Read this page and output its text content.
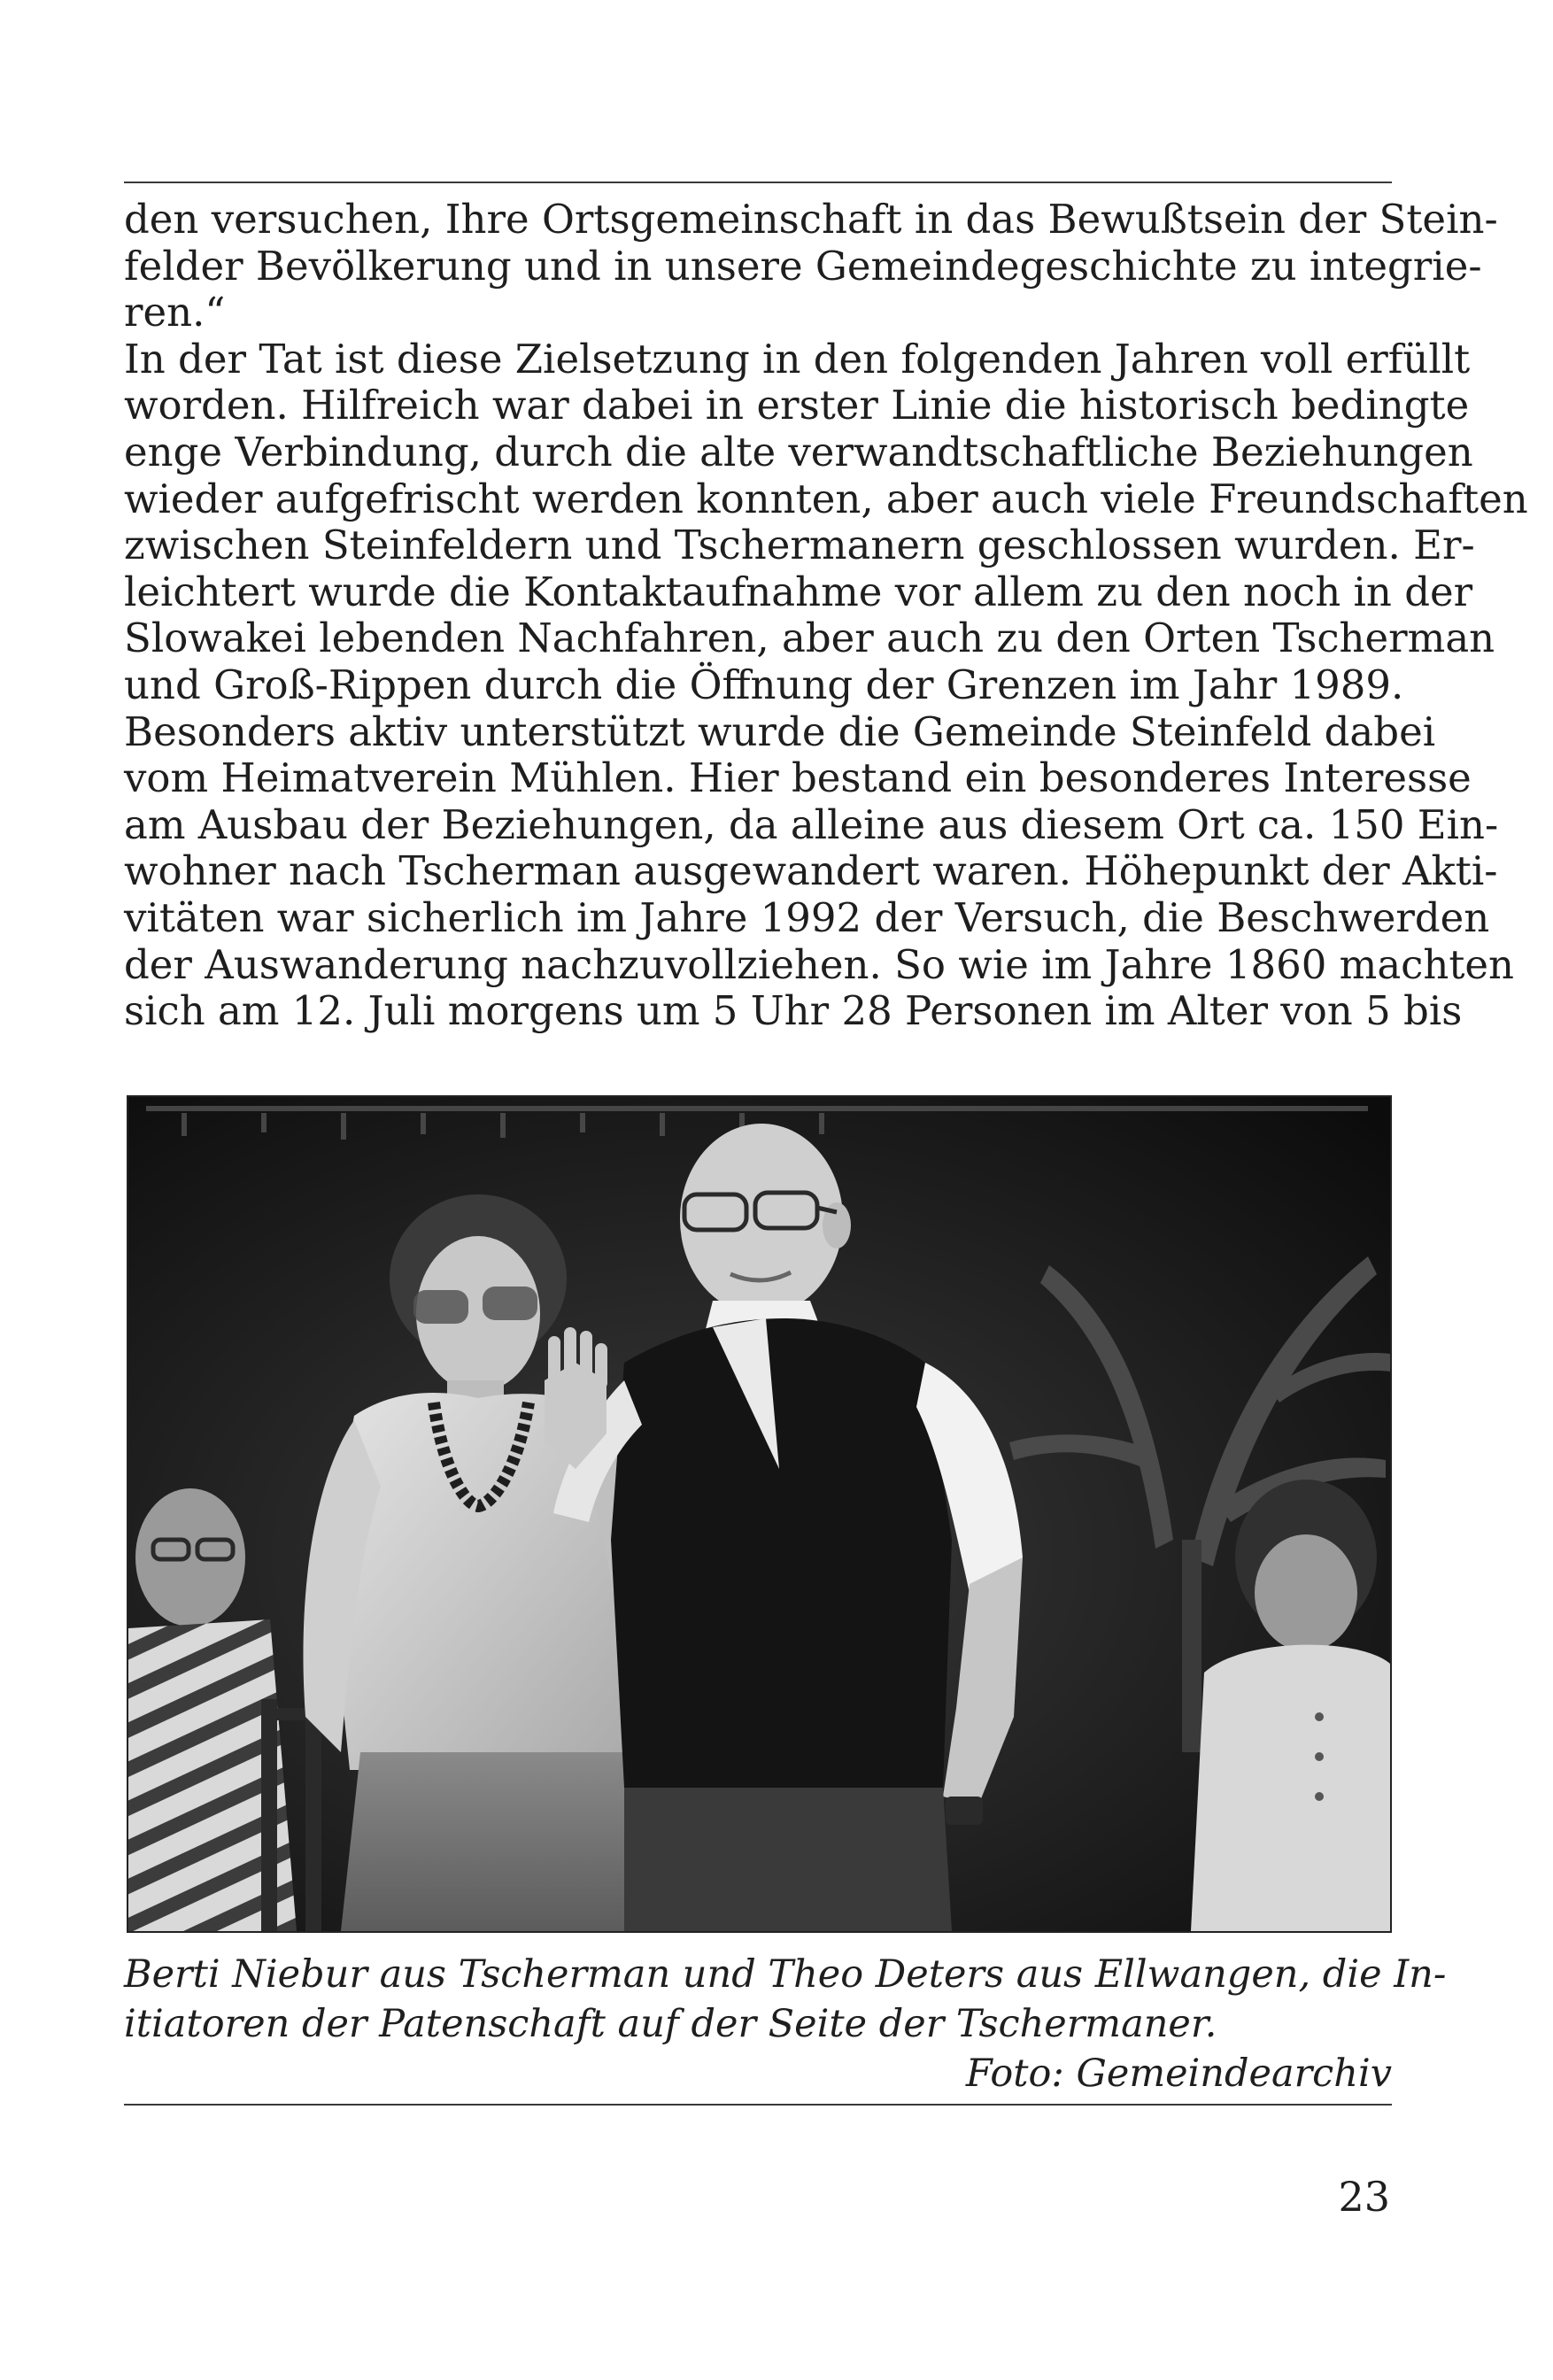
den versuchen, Ihre Ortsgemeinschaft in das Bewußtsein der Stein-
felder Bevölkerung und in unsere Gemeindegeschichte zu integrie-
ren.“
In der Tat ist diese Zielsetzung in den folgenden Jahren voll erfüllt
worden. Hilfreich war dabei in erster Linie die historisch bedingte
enge Verbindung, durch die alte verwandtschaftliche Beziehungen
wieder aufgefrischt werden konnten, aber auch viele Freundschaften
zwischen Steinfeldern und Tschermanern geschlossen wurden. Er-
leichtert wurde die Kontaktaufnahme vor allem zu den noch in der
Slowakei lebenden Nachfahren, aber auch zu den Orten Tscherman
und Groß-Rippen durch die Öffnung der Grenzen im Jahr 1989.
Besonders aktiv unterstützt wurde die Gemeinde Steinfeld dabei
vom Heimatverein Mühlen. Hier bestand ein besonderes Interesse
am Ausbau der Beziehungen, da alleine aus diesem Ort ca. 150 Ein-
wohner nach Tscherman ausgewandert waren. Höhepunkt der Akti-
vitäten war sicherlich im Jahre 1992 der Versuch, die Beschwerden
der Auswanderung nachzuvollziehen. So wie im Jahre 1860 machten
sich am 12. Juli morgens um 5 Uhr 28 Personen im Alter von 5 bis
Berti Niebur aus Tscherman und Theo Deters aus Ellwangen, die In-
itiatoren der Patenschaft auf der Seite der Tschermaner.
Foto: Gemeindearchiv
23
